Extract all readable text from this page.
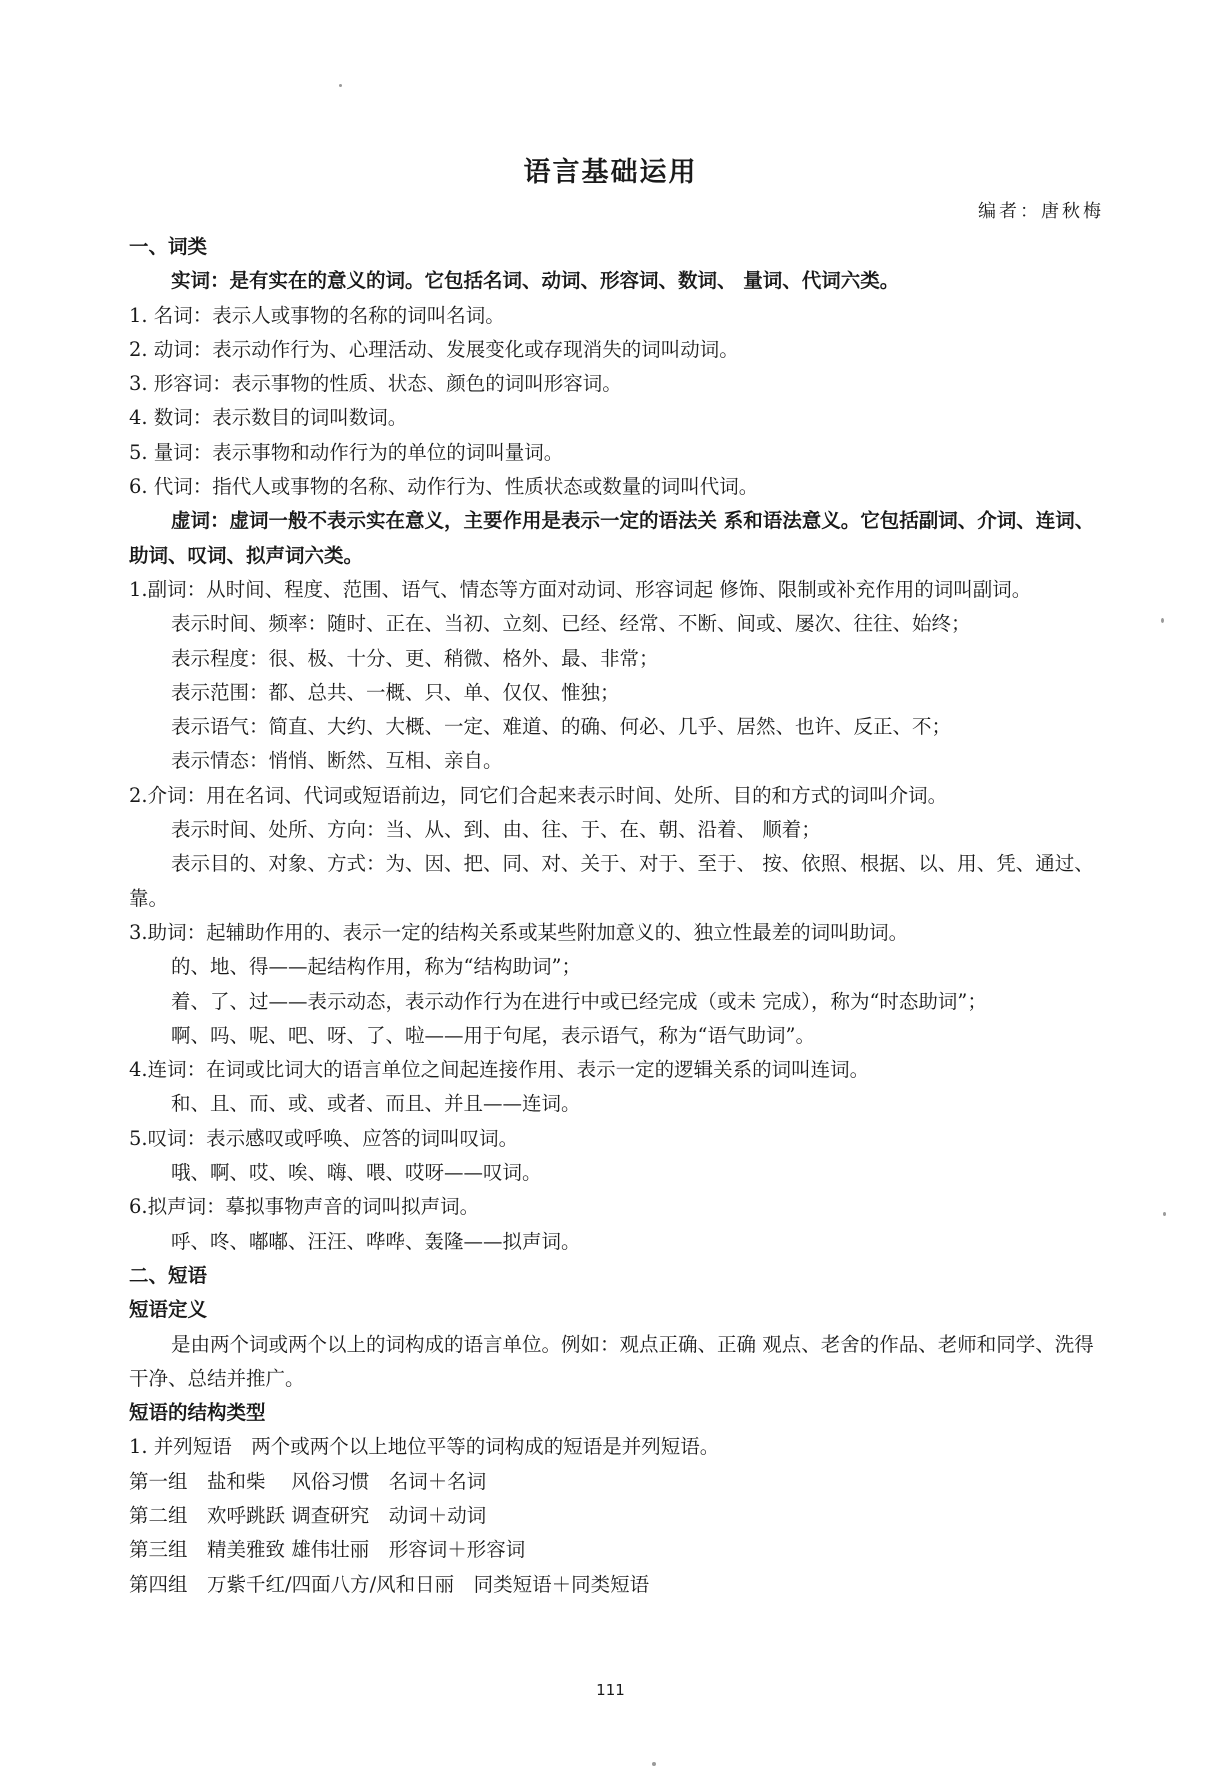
语言基础运用
编者：唐秋梅

一、词类

实词：是有实在的意义的词。它包括名词、动词、形容词、数词、 量词、代词六类。

1. 名词：表示人或事物的名称的词叫名词。

2. 动词：表示动作行为、心理活动、发展变化或存现消失的词叫动词。

3. 形容词：表示事物的性质、状态、颜色的词叫形容词。

4. 数词：表示数目的词叫数词。

5. 量词：表示事物和动作行为的单位的词叫量词。

6. 代词：指代人或事物的名称、动作行为、性质状态或数量的词叫代词。

虚词：虚词一般不表示实在意义，主要作用是表示一定的语法关 系和语法意义。它包括副词、介词、连词、助词、叹词、拟声词六类。

1.副词：从时间、程度、范围、语气、情态等方面对动词、形容词起 修饰、限制或补充作用的词叫副词。

表示时间、频率：随时、正在、当初、立刻、已经、经常、不断、间或、屡次、往往、始终；

表示程度：很、极、十分、更、稍微、格外、最、非常；

表示范围：都、总共、一概、只、单、仅仅、惟独；

表示语气：简直、大约、大概、一定、难道、的确、何必、几乎、居然、也许、反正、不；

表示情态：悄悄、断然、互相、亲自。

2.介词：用在名词、代词或短语前边，同它们合起来表示时间、处所、目的和方式的词叫介词。

表示时间、处所、方向：当、从、到、由、往、于、在、朝、沿着、 顺着；

表示目的、对象、方式：为、因、把、同、对、关于、对于、至于、 按、依照、根据、以、用、凭、通过、靠。

3.助词：起辅助作用的、表示一定的结构关系或某些附加意义的、独立性最差的词叫助词。

的、地、得——起结构作用，称为“结构助词”；

着、了、过——表示动态，表示动作行为在进行中或已经完成（或未 完成），称为“时态助词”；

啊、吗、呢、吧、呀、了、啦——用于句尾，表示语气，称为“语气助词”。

4.连词：在词或比词大的语言单位之间起连接作用、表示一定的逻辑关系的词叫连词。

和、且、而、或、或者、而且、并且——连词。

5.叹词：表示感叹或呼唤、应答的词叫叹词。

哦、啊、哎、唉、嗨、喂、哎呀——叹词。

6.拟声词：摹拟事物声音的词叫拟声词。

呼、咚、嘟嘟、汪汪、哗哗、轰隆——拟声词。

二、短语

短语定义

是由两个词或两个以上的词构成的语言单位。例如：观点正确、正确 观点、老舍的作品、老师和同学、洗得干净、总结并推广。

短语的结构类型

1. 并列短语　两个或两个以上地位平等的词构成的短语是并列短语。

第一组　盐和柴　 风俗习惯　名词＋名词

第二组　欢呼跳跃 调查研究　动词＋动词

第三组　精美雅致 雄伟壮丽　形容词＋形容词

第四组　万紫千红/四面八方/风和日丽　同类短语＋同类短语

111
